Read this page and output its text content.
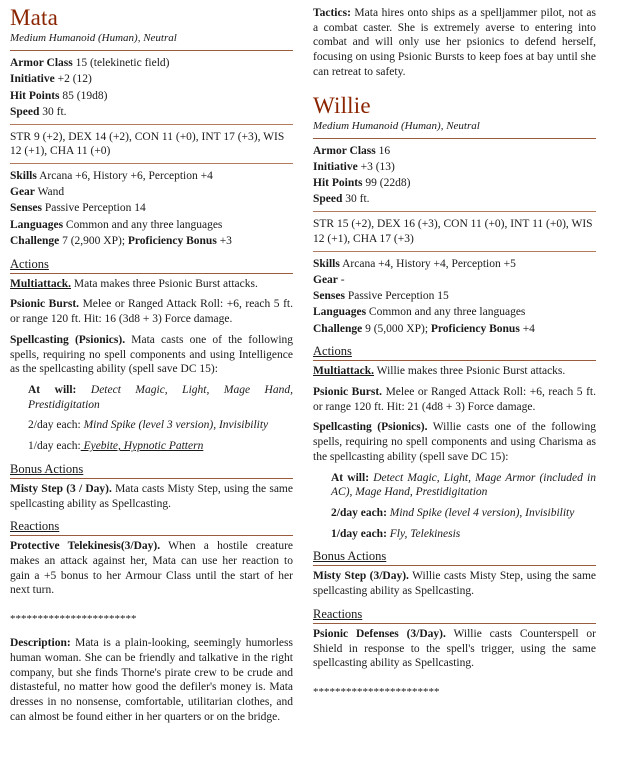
Mata
Medium Humanoid (Human), Neutral
Armor Class 15 (telekinetic field)
Initiative +2 (12)
Hit Points 85 (19d8)
Speed 30 ft.
STR 9 (+2), DEX 14 (+2), CON 11 (+0), INT 17 (+3), WIS 12 (+1), CHA 11 (+0)
Skills Arcana +6, History +6, Perception +4
Gear Wand
Senses Passive Perception 14
Languages Common and any three languages
Challenge 7 (2,900 XP); Proficiency Bonus +3
Actions

Multiattack. Mata makes three Psionic Burst attacks.

Psionic Burst. Melee or Ranged Attack Roll: +6, reach 5 ft. or range 120 ft. Hit: 16 (3d8 + 3) Force damage.

Spellcasting (Psionics). Mata casts one of the following spells, requiring no spell components and using Intelligence as the spellcasting ability (spell save DC 15):

At will: Detect Magic, Light, Mage Hand, Prestidigitation

2/day each: Mind Spike (level 3 version), Invisibility

1/day each: Eyebite, Hypnotic Pattern

Bonus Actions

Misty Step (3 / Day). Mata casts Misty Step, using the same spellcasting ability as Spellcasting.

Reactions

Protective Telekinesis(3/Day). When a hostile creature makes an attack against her, Mata can use her reaction to gain a +5 bonus to her Armour Class until the start of her next turn.

***********************

Description: Mata is a plain-looking, seemingly humorless human woman. She can be friendly and talkative in the right company, but she finds Thorne's pirate crew to be crude and distasteful, no matter how good the defiler's money is. Mata dresses in no nonsense, comfortable, utilitarian clothes, and can almost be found either in her quarters or on the bridge.

Tactics: Mata hires onto ships as a spelljammer pilot, not as a combat caster. She is extremely averse to entering into combat and will only use her psionics to defend herself, focusing on using Psionic Bursts to keep foes at bay until she can retreat to safety.

Willie
Medium Humanoid (Human), Neutral
Armor Class 16
Initiative +3 (13)
Hit Points 99 (22d8)
Speed 30 ft.
STR 15 (+2), DEX 16 (+3), CON 11 (+0), INT 11 (+0), WIS 12 (+1), CHA 17 (+3)
Skills Arcana +4, History +4, Perception +5
Gear -
Senses Passive Perception 15
Languages Common and any three languages
Challenge 9 (5,000 XP); Proficiency Bonus +4
Actions

Multiattack. Willie makes three Psionic Burst attacks.

Psionic Burst. Melee or Ranged Attack Roll: +6, reach 5 ft. or range 120 ft. Hit: 21 (4d8 + 3) Force damage.

Spellcasting (Psionics). Willie casts one of the following spells, requiring no spell components and using Charisma as the spellcasting ability (spell save DC 15):

At will: Detect Magic, Light, Mage Armor (included in AC), Mage Hand, Prestidigitation

2/day each: Mind Spike (level 4 version), Invisibility

1/day each: Fly, Telekinesis

Bonus Actions

Misty Step (3/Day). Willie casts Misty Step, using the same spellcasting ability as Spellcasting.

Reactions

Psionic Defenses (3/Day). Willie casts Counterspell or Shield in response to the spell's trigger, using the same spellcasting ability as Spellcasting.

***********************
